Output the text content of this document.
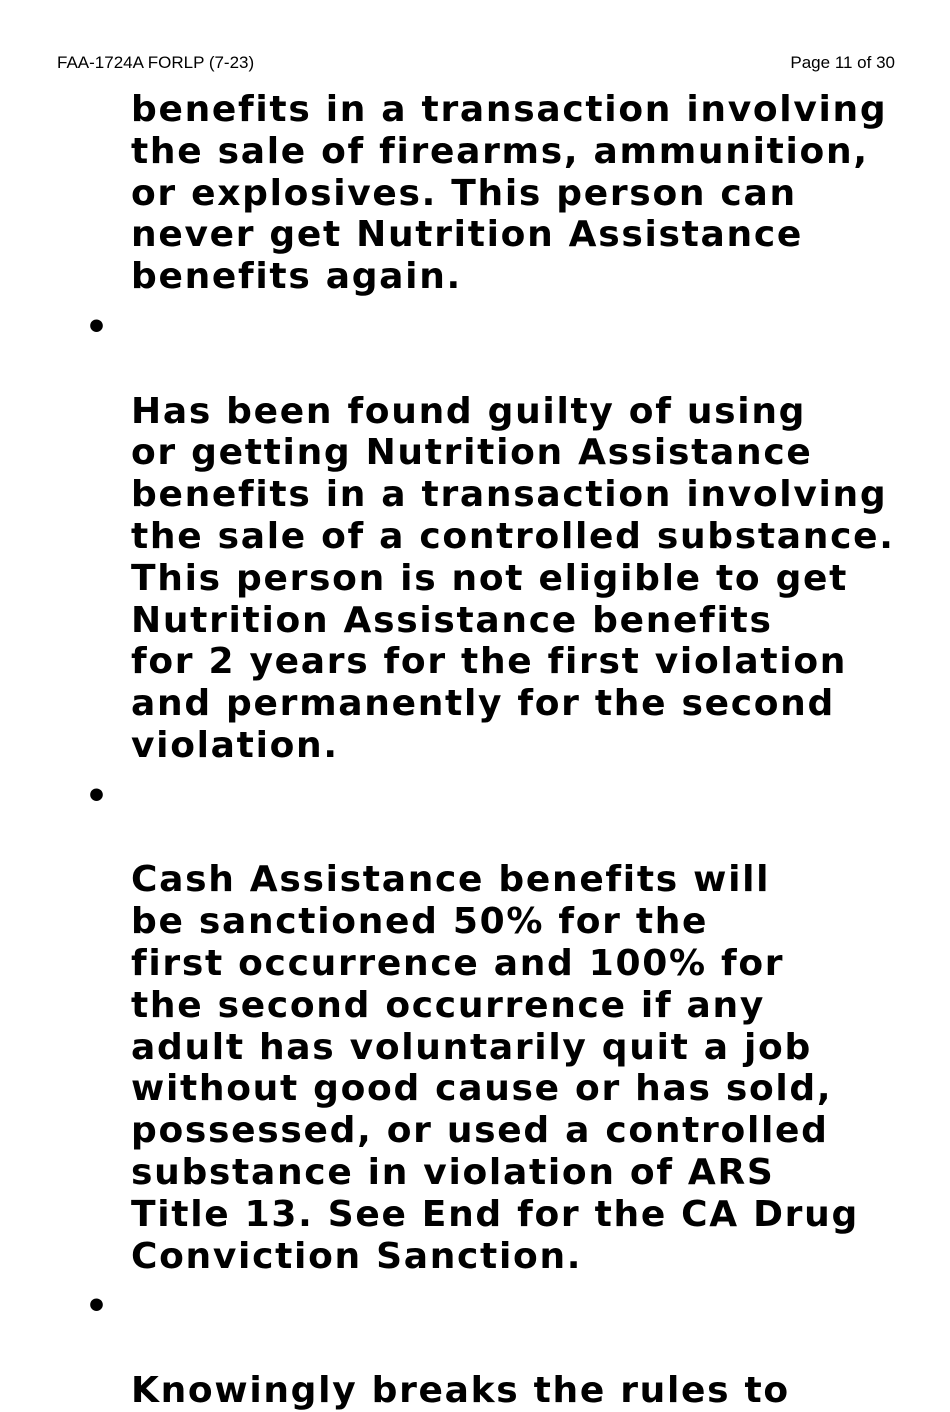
FAA-1724A FORLP (7-23)	Page 11 of 30
benefits in a transaction involving
the sale of firearms, ammunition,
or explosives. This person can
never get Nutrition Assistance
benefits again.

•

Has been found guilty of using
or getting Nutrition Assistance
benefits in a transaction involving
the sale of a controlled substance.
This person is not eligible to get
Nutrition Assistance benefits
for 2 years for the first violation
and permanently for the second
violation.

•

Cash Assistance benefits will
be sanctioned 50% for the
first occurrence and 100% for
the second occurrence if any
adult has voluntarily quit a job
without good cause or has sold,
possessed, or used a controlled
substance in violation of ARS
Title 13. See End for the CA Drug
Conviction Sanction.

•

Knowingly breaks the rules to
